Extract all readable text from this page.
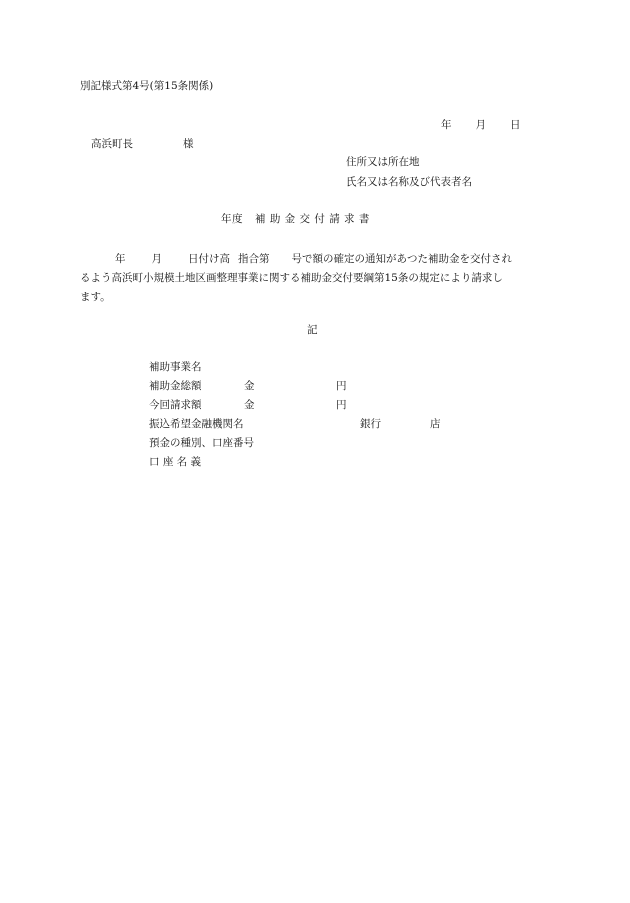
別記様式第4号(第15条関係)
年 月 日
高浜町長	様
住所又は所在地
氏名又は名称及び代表者名
年度 補 助 金 交 付 請 求 書
年 月 日付け高 指合第 号で額の確定の通知があつた補助金を交付され
るよう高浜町小規模土地区画整理事業に関する補助金交付要綱第15条の規定により請求し
ます。
記
補助事業名
補助金総額	金	円
今回請求額	金	円
振込希望金融機関名	銀行	店
預金の種別、口座番号
口 座 名 義
